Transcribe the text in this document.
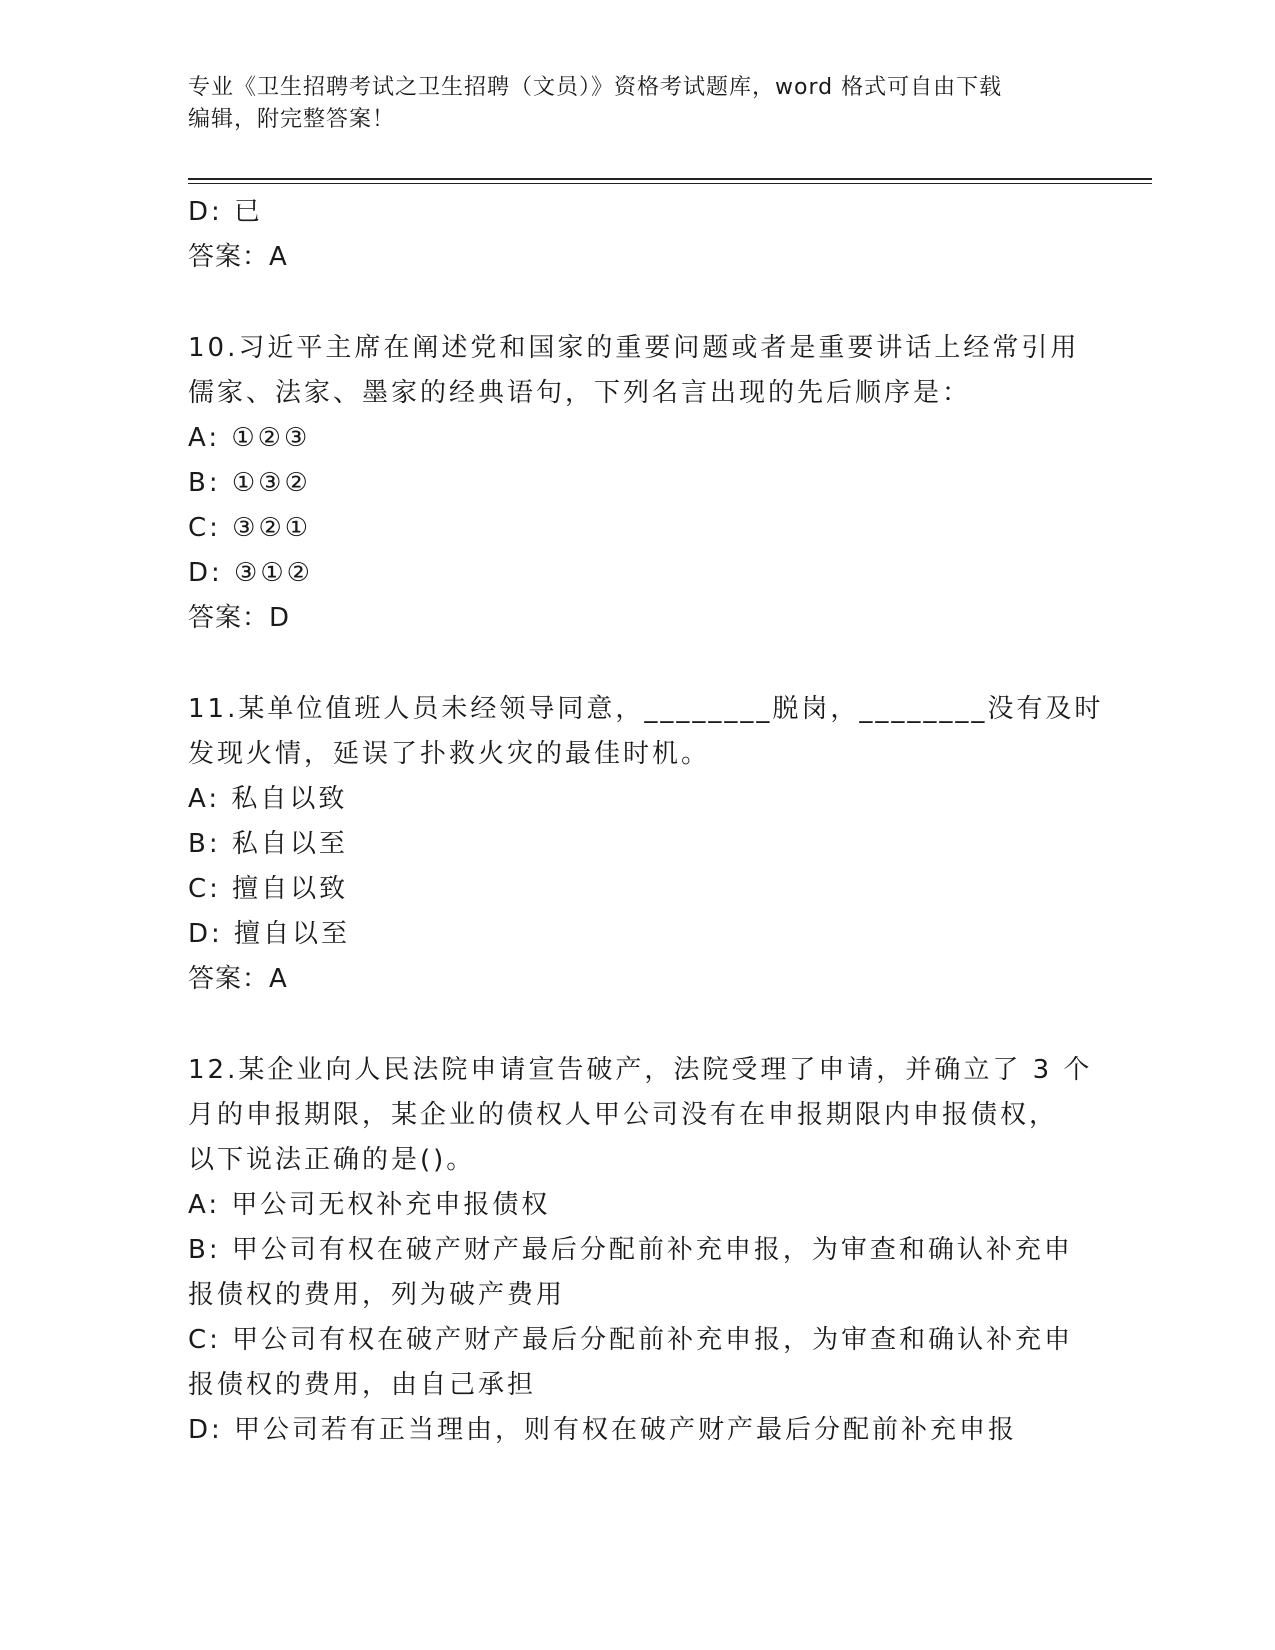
专业《卫生招聘考试之卫生招聘（文员）》资格考试题库，word 格式可自由下载
编辑，附完整答案！
D: 已
答案：A
10.习近平主席在阐述党和国家的重要问题或者是重要讲话上经常引用
儒家、法家、墨家的经典语句，下列名言出现的先后顺序是：
A: ①②③
B: ①③②
C: ③②①
D: ③①②
答案：D
11.某单位值班人员未经领导同意，________脱岗，________没有及时
发现火情，延误了扑救火灾的最佳时机。
A: 私自以致
B: 私自以至
C: 擅自以致
D: 擅自以至
答案：A
12.某企业向人民法院申请宣告破产，法院受理了申请，并确立了 3 个
月的申报期限，某企业的债权人甲公司没有在申报期限内申报债权，
以下说法正确的是()。
A: 甲公司无权补充申报债权
B: 甲公司有权在破产财产最后分配前补充申报，为审查和确认补充申
报债权的费用，列为破产费用
C: 甲公司有权在破产财产最后分配前补充申报，为审查和确认补充申
报债权的费用，由自己承担
D: 甲公司若有正当理由，则有权在破产财产最后分配前补充申报
